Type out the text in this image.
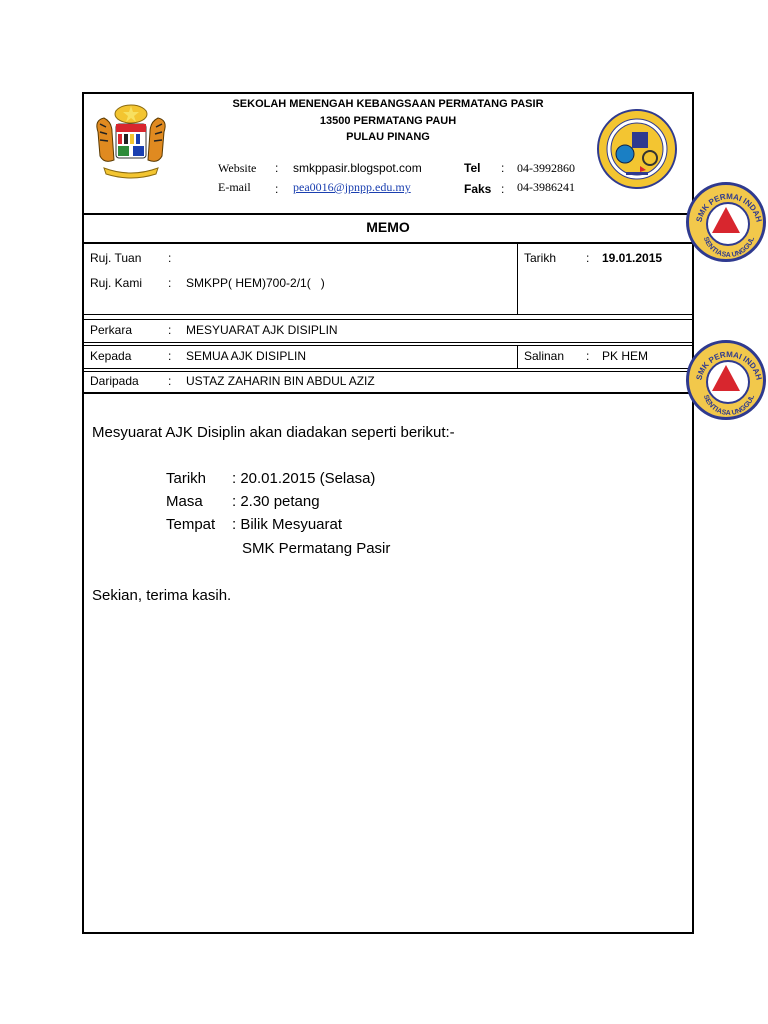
SEKOLAH MENENGAH KEBANGSAAN PERMATANG PASIR
13500 PERMATANG PAUH
PULAU PINANG
Website : smkppasir.blogspot.com
E-mail : pea0016@jpnpp.edu.my
Tel : 04-3992860
Faks : 04-3986241
MEMO
Ruj. Tuan :
Ruj. Kami : SMKPP( HEM)700-2/1(   )
Tarikh : 19.01.2015
Perkara	: MESYUARAT AJK DISIPLIN
Kepada	: SEMUA AJK DISIPLIN	Salinan : PK HEM
Daripada : USTAZ ZAHARIN BIN ABDUL AZIZ
Mesyuarat AJK Disiplin akan diadakan seperti berikut:-
Tarikh : 20.01.2015 (Selasa)
Masa : 2.30 petang
Tempat : Bilik Mesyuarat
SMK Permatang Pasir
Sekian, terima kasih.
SMK PERMAI INDAH
SENTIASA UNGGUL
SMK PERMAI INDAH
SENTIASA UNGGUL
